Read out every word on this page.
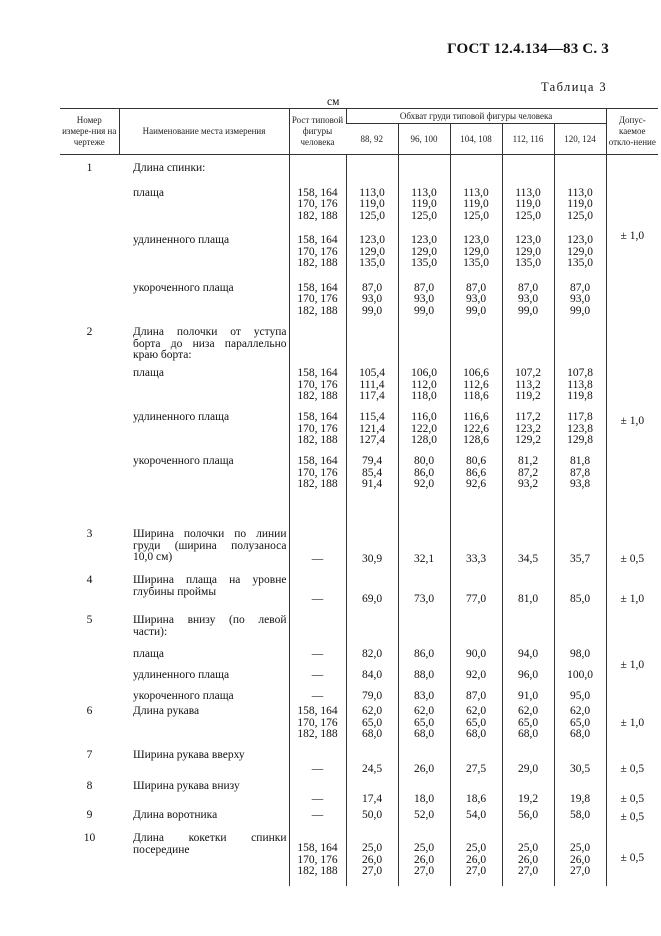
ГОСТ 12.4.134—83 С. 3
Таблица 3
см
Номер измере-ния на чертеже	Наименование места измерения	Рост типовой фигуры человека	Обхват груди типовой фигуры человека					Допус-каемое откло-нение
			88, 92	96, 100	104, 108	112, 116	120, 124	
1	Длина спинки:							± 1,0

	плаща	158, 164
170, 176
182, 188	113,0
119,0
125,0	113,0
119,0
125,0	113,0
119,0
125,0	113,0
119,0
125,0	113,0
119,0
125,0	

	удлиненного плаща	158, 164
170, 176
182, 188	123,0
129,0
135,0	123,0
129,0
135,0	123,0
129,0
135,0	123,0
129,0
135,0	123,0
129,0
135,0	

	укороченного плаща	158, 164
170, 176
182, 188	87,0
93,0
99,0	87,0
93,0
99,0	87,0
93,0
99,0	87,0
93,0
99,0	87,0
93,0
99,0	
2	Длина полочки от уступа борта до низа параллельно краю борта:							± 1,0
	плаща	158, 164
170, 176
182, 188	105,4
111,4
117,4	106,0
112,0
118,0	106,6
112,6
118,6	107,2
113,2
119,2	107,8
113,8
119,8	
	удлиненного плаща	158, 164
170, 176
182, 188	115,4
121,4
127,4	116,0
122,0
128,0	116,6
122,6
128,6	117,2
123,2
129,2	117,8
123,8
129,8	
	укороченного плаща	158, 164
170, 176
182, 188	79,4
85,4
91,4	80,0
86,0
92,0	80,6
86,6
92,6	81,2
87,2
93,2	81,8
87,8
93,8	

3	Ширина полочки по линии груди (ширина полузаноса 10,0 см)	—	30,9	32,1	33,3	34,5	35,7	± 0,5
4	Ширина плаща на уровне глубины проймы	—	69,0	73,0	77,0	81,0	85,0	± 1,0
5	Ширина внизу (по левой части):							± 1,0
	плаща	—	82,0	86,0	90,0	94,0	98,0	
	удлиненного плаща	—	84,0	88,0	92,0	96,0	100,0	
	укороченного плаща	—	79,0	83,0	87,0	91,0	95,0	
6	Длина рукава	158, 164
170, 176
182, 188	62,0
65,0
68,0	62,0
65,0
68,0	62,0
65,0
68,0	62,0
65,0
68,0	62,0
65,0
68,0	± 1,0
7	Ширина рукава вверху	—	24,5	26,0	27,5	29,0	30,5	± 0,5
8	Ширина рукава внизу	—	17,4	18,0	18,6	19,2	19,8	± 0,5
9	Длина воротника	—	50,0	52,0	54,0	56,0	58,0	± 0,5
10	Длина кокетки спинки посередине	158, 164
170, 176
182, 188	25,0
26,0
27,0	25,0
26,0
27,0	25,0
26,0
27,0	25,0
26,0
27,0	25,0
26,0
27,0	± 0,5
